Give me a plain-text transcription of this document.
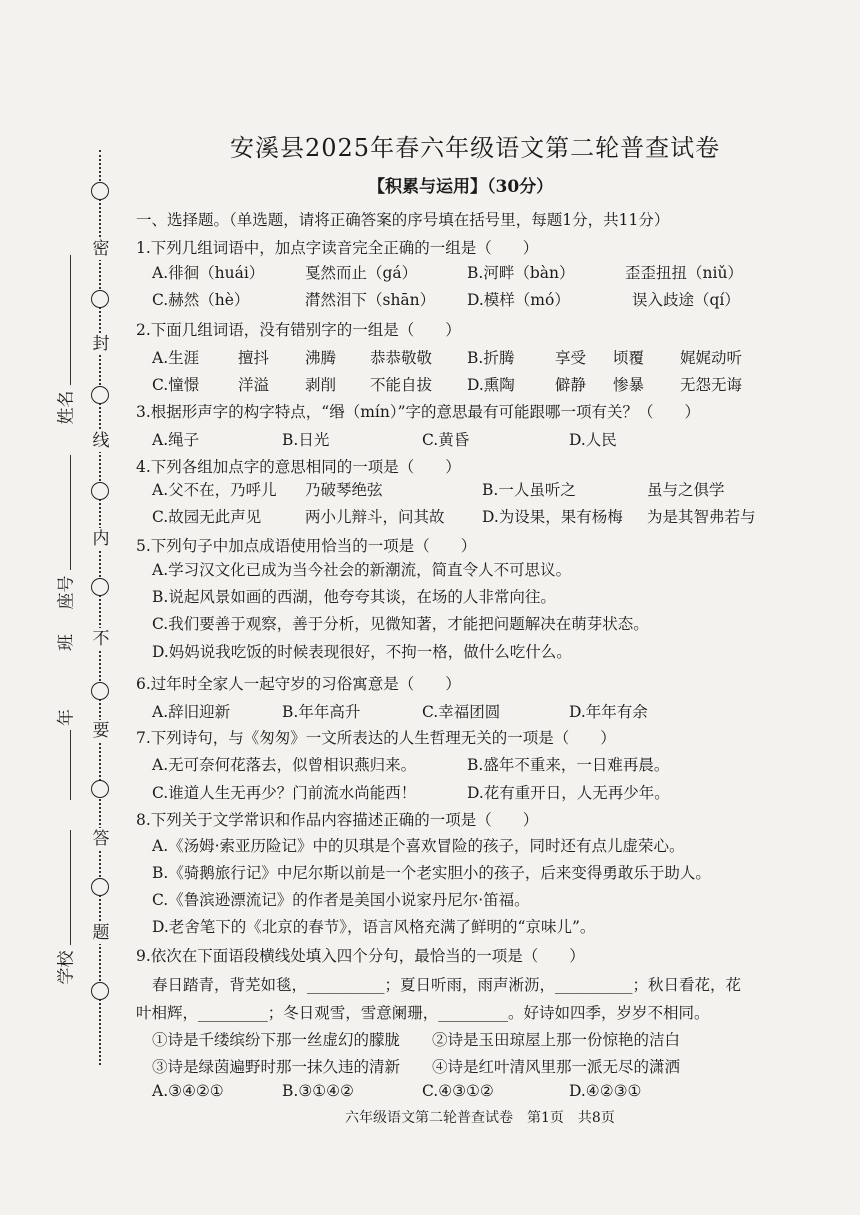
密
封
线
内
不
要
答
题
姓名
座号
班
年
学校
安溪县2025年春六年级语文第二轮普查试卷
【积累与运用】（30分）
一、选择题。（单选题，请将正确答案的序号填在括号里，每题1分，共11分）
1.下列几组词语中，加点字读音完全正确的一组是（　　）
A.徘徊（huái）	戛然而止（gá）	B.河畔（bàn）	歪歪扭扭（niǔ）
C.赫然（hè）	潸然泪下（shān） D.模样（mó）	误入歧途（qí）
2.下面几组词语，没有错别字的一组是（　　）
A.生涯	擅抖 沸腾 恭恭敬敬 B.折腾	享受 顷覆 娓娓动听
C.憧憬	洋溢 剥削 不能自拔 D.熏陶	僻静 惨暴 无怨无诲
3.根据形声字的构字特点，“缗（mín）”字的意思最有可能跟哪一项有关？（　　）
A.绳子	B.日光	C.黄昏	D.人民
4.下列各组加点字的意思相同的一项是（　　）
A.父不在，乃呼儿 乃破琴绝弦	B.一人虽听之	虽与之俱学
C.故园无此声见	两小儿辩斗，问其故 D.为设果，果有杨梅 为是其智弗若与
5.下列句子中加点成语使用恰当的一项是（　　）
A.学习汉文化已成为当今社会的新潮流，简直令人不可思议。
B.说起风景如画的西湖，他夸夸其谈，在场的人非常向往。
C.我们要善于观察，善于分析，见微知著，才能把问题解决在萌芽状态。
D.妈妈说我吃饭的时候表现很好，不拘一格，做什么吃什么。
6.过年时全家人一起守岁的习俗寓意是（　　）
A.辞旧迎新	B.年年高升	C.幸福团圆	D.年年有余
7.下列诗句，与《匆匆》一文所表达的人生哲理无关的一项是（　　）
A.无可奈何花落去，似曾相识燕归来。	B.盛年不重来，一日难再晨。
C.谁道人生无再少？门前流水尚能西！	D.花有重开日，人无再少年。
8.下列关于文学常识和作品内容描述正确的一项是（　　）
A.《汤姆·索亚历险记》中的贝琪是个喜欢冒险的孩子，同时还有点儿虚荣心。
B.《骑鹅旅行记》中尼尔斯以前是一个老实胆小的孩子，后来变得勇敢乐于助人。
C.《鲁滨逊漂流记》的作者是美国小说家丹尼尔·笛福。
D.老舍笔下的《北京的春节》，语言风格充满了鲜明的“京味儿”。
9.依次在下面语段横线处填入四个分句，最恰当的一项是（　　）
春日踏青，背芜如毯，__________；夏日听雨，雨声淅沥，__________；秋日看花，花
叶相辉，_________；冬日观雪，雪意阑珊，_________。好诗如四季，岁岁不相同。
①诗是千缕缤纷下那一丝虚幻的朦胧 ②诗是玉田琼屋上那一份惊艳的洁白
③诗是绿茵遍野时那一抹久违的清新 ④诗是红叶清风里那一派无尽的潇洒
A.③④②①	B.③①④②	C.④③①②	D.④②③①
六年级语文第二轮普查试卷　第1页　共8页
